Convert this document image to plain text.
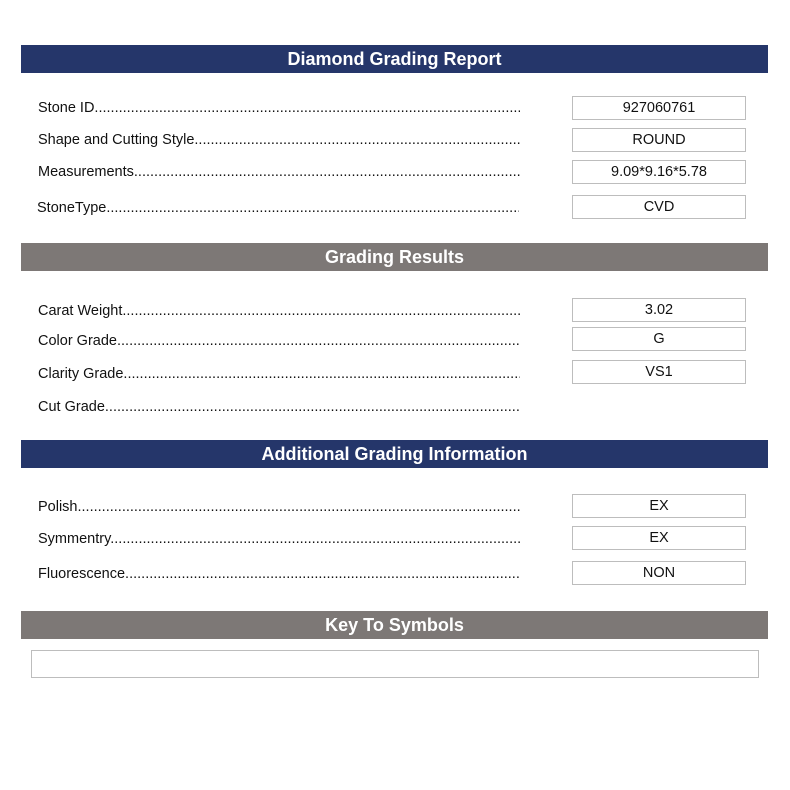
Diamond Grading Report
Stone ID .....	927060761
Shape and Cutting Style .....	ROUND
Measurements .....	9.09*9.16*5.78
StoneType .....	CVD
Grading Results
Carat Weight .....	3.02
Color Grade .....	G
Clarity Grade .....	VS1
Cut Grade .....
Additional Grading Information
Polish .....	EX
Symmentry .....	EX
Fluorescence .....	NON
Key To Symbols
